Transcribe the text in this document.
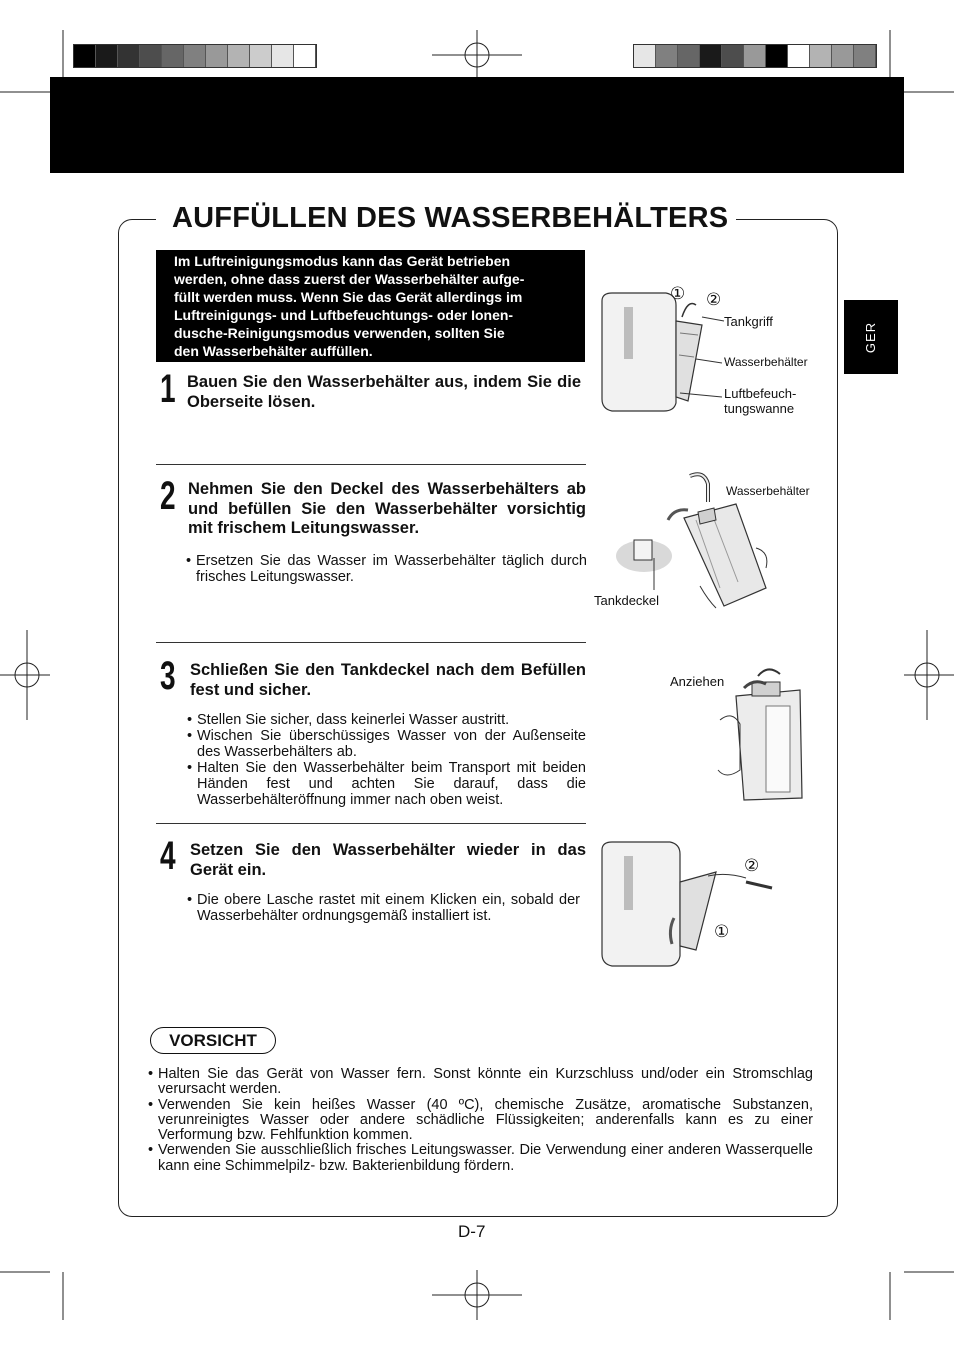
AUFFÜLLEN DES WASSERBEHÄLTERS
GER
Im Luftreinigungsmodus kann das Gerät betrieben
werden, ohne dass zuerst der Wasserbehälter aufge-
füllt werden muss. Wenn Sie das Gerät allerdings im
Luftreinigungs- und Luftbefeuchtungs- oder Ionen-
dusche-Reinigungsmodus verwenden, sollten Sie
den Wasserbehälter auffüllen.
1 Bauen Sie den Wasserbehälter aus, indem Sie die Oberseite lösen.
2 Nehmen Sie den Deckel des Wasserbehälters ab und befüllen Sie den Wasserbehälter vorsichtig mit frischem Leitungswasser.
• Ersetzen Sie das Wasser im Wasserbehälter täglich durch frisches Leitungswasser.
3 Schließen Sie den Tankdeckel nach dem Befüllen fest und sicher.
• Stellen Sie sicher, dass keinerlei Wasser austritt.
• Wischen Sie überschüssiges Wasser von der Außenseite des Wasserbehälters ab.
• Halten Sie den Wasserbehälter beim Transport mit beiden Händen fest und achten Sie darauf, dass die Wasserbehälteröffnung immer nach oben weist.
4 Setzen Sie den Wasserbehälter wieder in das Gerät ein.
• Die obere Lasche rastet mit einem Klicken ein, sobald der Wasserbehälter ordnungsgemäß installiert ist.
① ②
Tankgriff
Wasserbehälter
Luftbefeuch-
tungswanne
Wasserbehälter
Tankdeckel
Anziehen
②
①
VORSICHT
• Halten Sie das Gerät von Wasser fern. Sonst könnte ein Kurzschluss und/oder ein Stromschlag verursacht werden.
• Verwenden Sie kein heißes Wasser (40 ºC), chemische Zusätze, aromatische Substanzen, verunreinigtes Wasser oder andere schädliche Flüssigkeiten; anderenfalls kann es zu einer Verformung bzw. Fehlfunktion kommen.
• Verwenden Sie ausschließlich frisches Leitungswasser. Die Verwendung einer anderen Wasserquelle kann eine Schimmelpilz- bzw. Bakterienbildung fördern.
D-7
